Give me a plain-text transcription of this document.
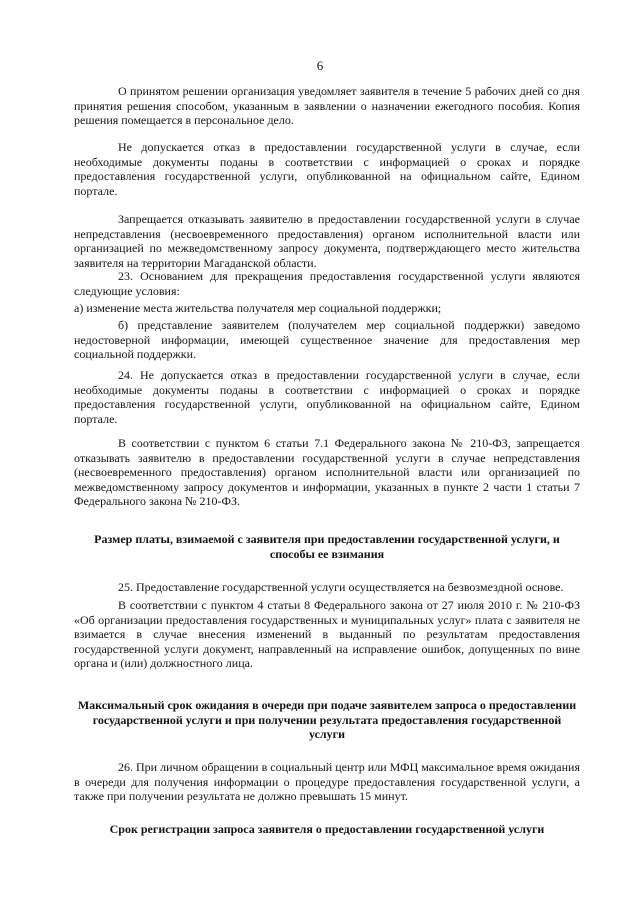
6

О принятом решении организация уведомляет заявителя в течение 5 рабочих дней со дня принятия решения способом, указанным в заявлении о назначении ежегодного пособия. Копия решения помещается в персональное дело.

Не допускается отказ в предоставлении государственной услуги в случае, если необходимые документы поданы в соответствии с информацией о сроках и порядке предоставления государственной услуги, опубликованной на официальном сайте, Едином портале.

Запрещается отказывать заявителю в предоставлении государственной услуги в случае непредставления (несвоевременного предоставления) органом исполнительной власти или организацией по межведомственному запросу документа, подтверждающего место жительства заявителя на территории Магаданской области.

23. Основанием для прекращения предоставления государственной услуги являются следующие условия:

а) изменение места жительства получателя мер социальной поддержки;

б) представление заявителем (получателем мер социальной поддержки) заведомо недостоверной информации, имеющей существенное значение для предоставления мер социальной поддержки.

24. Не допускается отказ в предоставлении государственной услуги в случае, если необходимые документы поданы в соответствии с информацией о сроках и порядке предоставления государственной услуги, опубликованной на официальном сайте, Едином портале.

В соответствии с пунктом 6 статьи 7.1 Федерального закона № 210-ФЗ, запрещается отказывать заявителю в предоставлении государственной услуги в случае непредставления (несвоевременного предоставления) органом исполнительной власти или организацией по межведомственному запросу документов и информации, указанных в пункте 2 части 1 статьи 7 Федерального закона № 210-ФЗ.

Размер платы, взимаемой с заявителя при предоставлении государственной услуги, и способы ее взимания

25. Предоставление государственной услуги осуществляется на безвозмездной основе.

В соответствии с пунктом 4 статьи 8 Федерального закона от 27 июля 2010 г. № 210-ФЗ «Об организации предоставления государственных и муниципальных услуг» плата с заявителя не взимается в случае внесения изменений в выданный по результатам предоставления государственной услуги документ, направленный на исправление ошибок, допущенных по вине органа и (или) должностного лица.

Максимальный срок ожидания в очереди при подаче заявителем запроса о предоставлении государственной услуги и при получении результата предоставления государственной услуги

26. При личном обращении в социальный центр или МФЦ максимальное время ожидания в очереди для получения информации о процедуре предоставления государственной услуги, а также при получении результата не должно превышать 15 минут.

Срок регистрации запроса заявителя о предоставлении государственной услуги
